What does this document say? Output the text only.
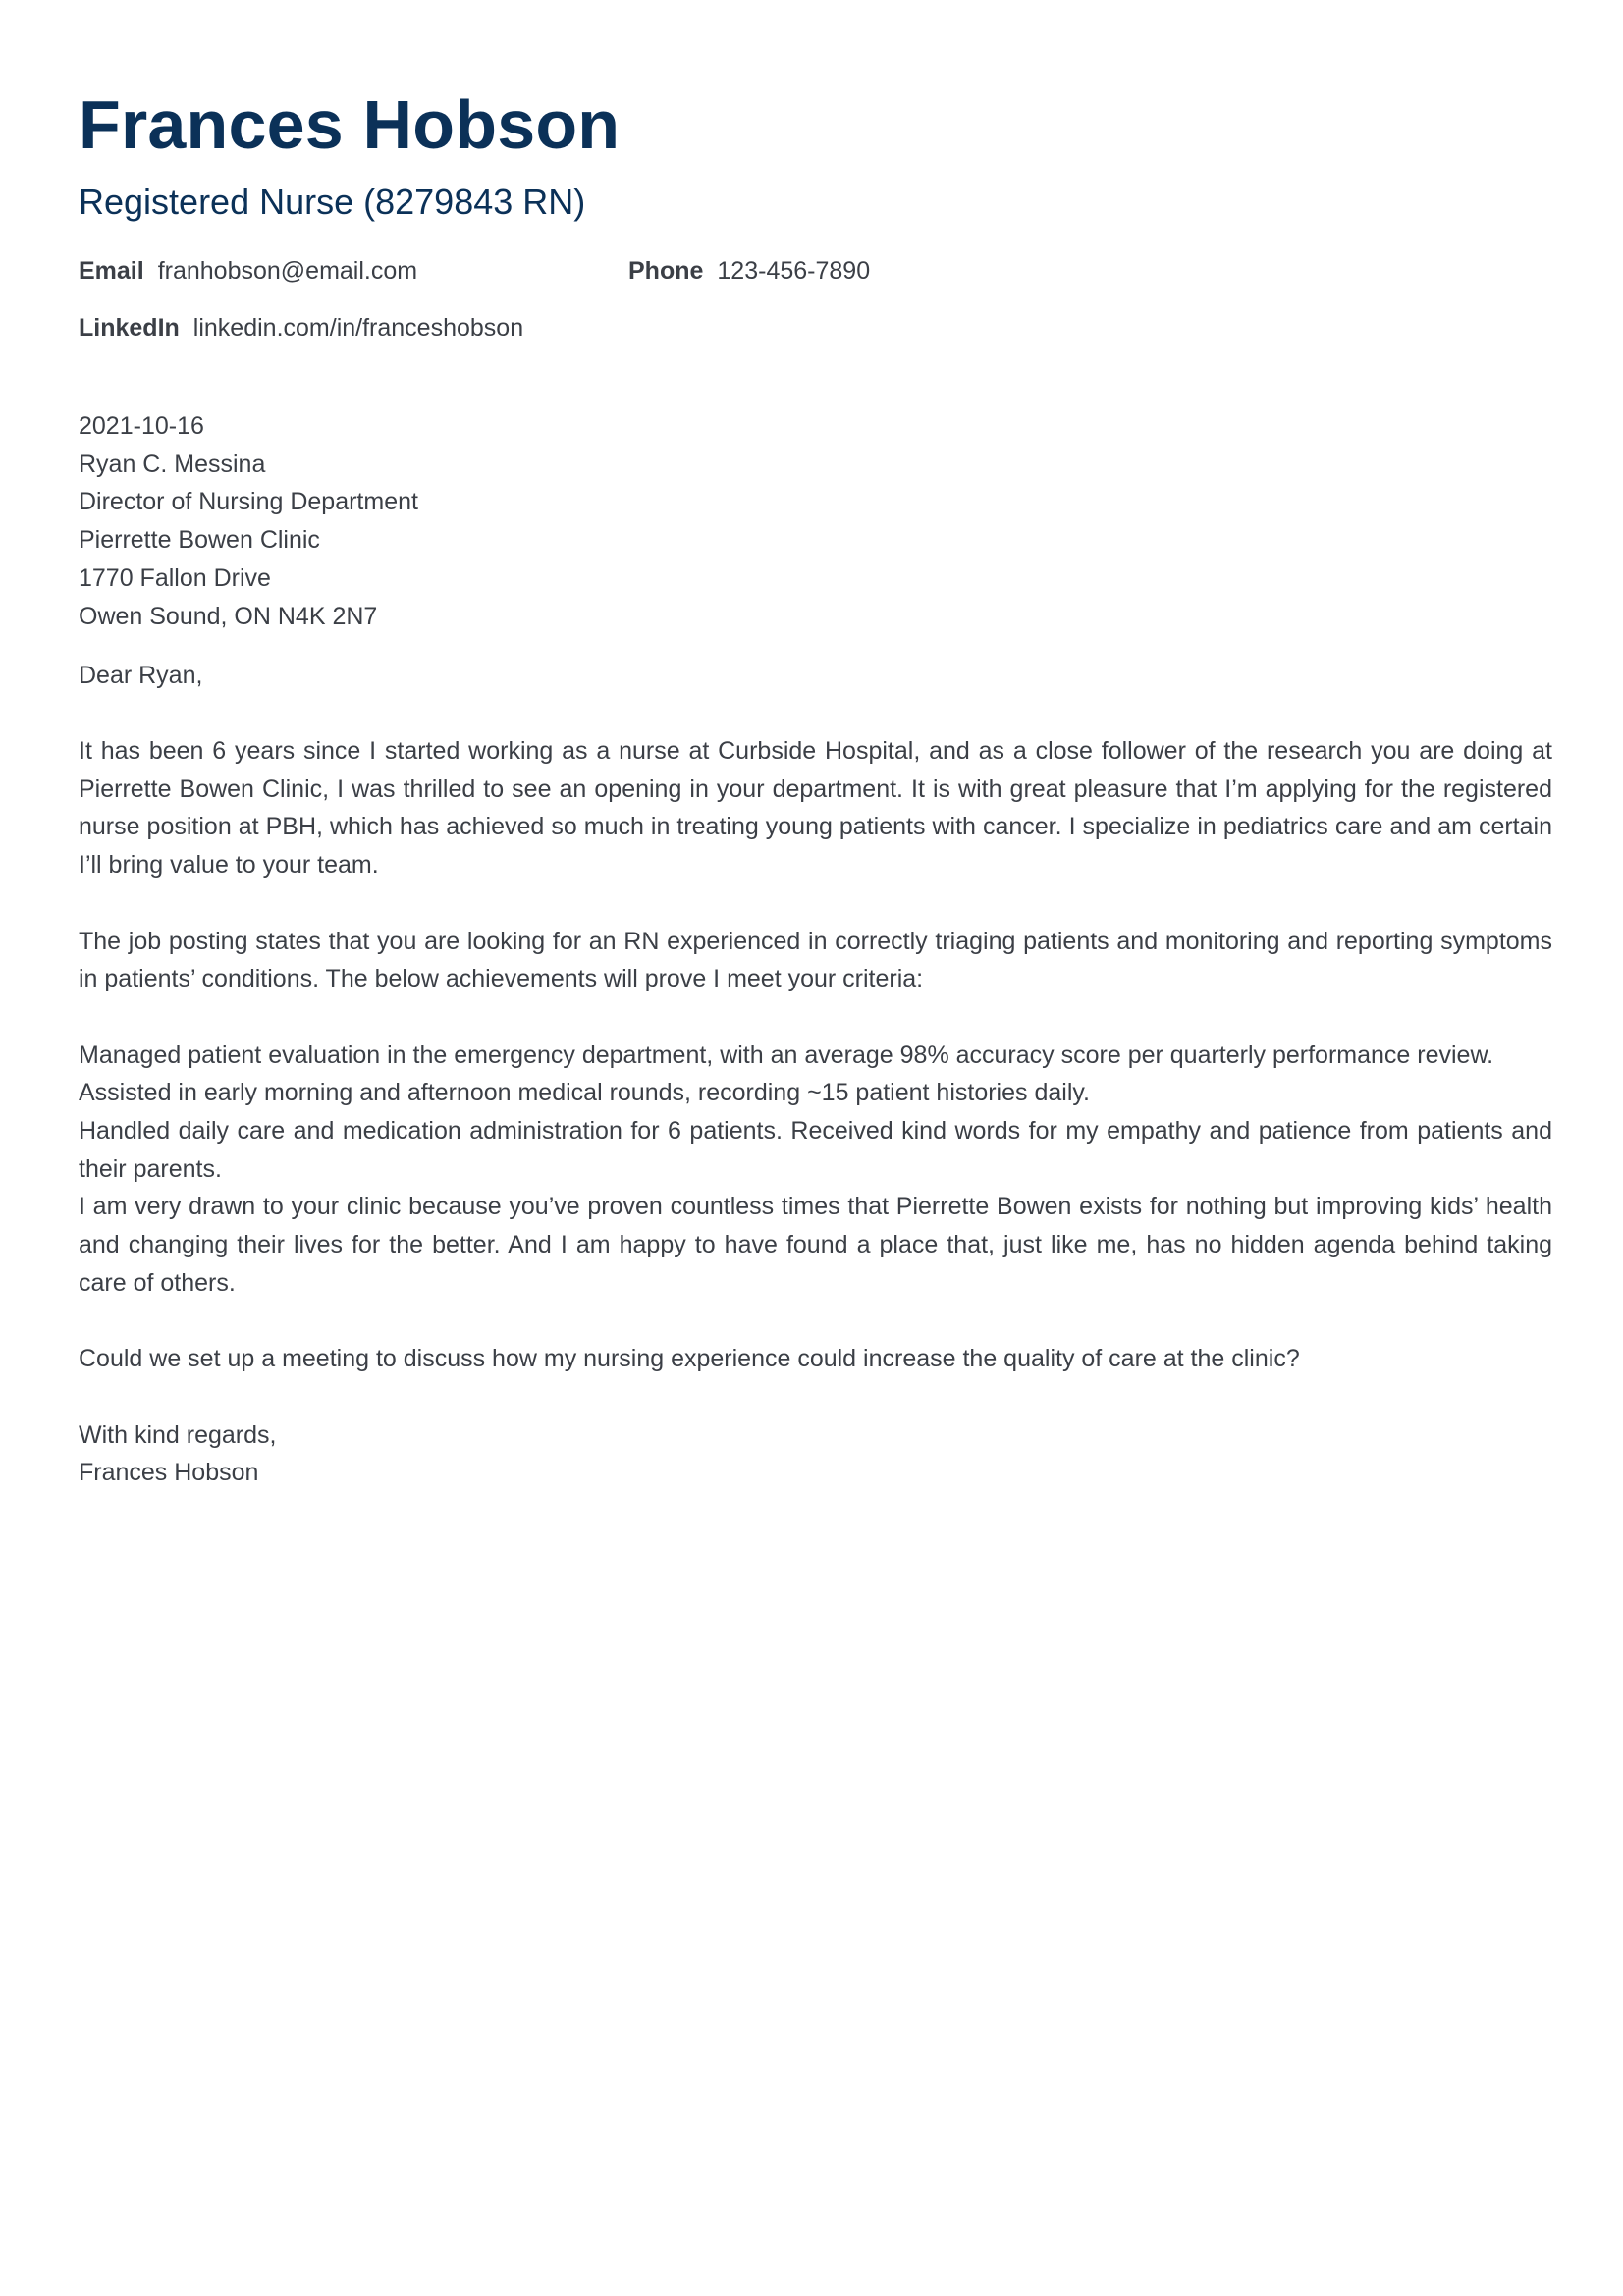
Frances Hobson
Registered Nurse (8279843 RN)
Email franhobson@email.com	Phone 123-456-7890
LinkedIn linkedin.com/in/franceshobson
2021-10-16
Ryan C. Messina
Director of Nursing Department
Pierrette Bowen Clinic
1770 Fallon Drive
Owen Sound, ON N4K 2N7
Dear Ryan,

It has been 6 years since I started working as a nurse at Curbside Hospital, and as a close follower of the research you are doing at Pierrette Bowen Clinic, I was thrilled to see an opening in your department. It is with great pleasure that I’m applying for the registered nurse position at PBH, which has achieved so much in treating young patients with cancer. I specialize in pediatrics care and am certain I’ll bring value to your team.

The job posting states that you are looking for an RN experienced in correctly triaging patients and monitoring and reporting symptoms in patients’ conditions. The below achievements will prove I meet your criteria:

Managed patient evaluation in the emergency department, with an average 98% accuracy score per quarterly performance review.

Assisted in early morning and afternoon medical rounds, recording ~15 patient histories daily.

Handled daily care and medication administration for 6 patients. Received kind words for my empathy and patience from patients and their parents.

I am very drawn to your clinic because you’ve proven countless times that Pierrette Bowen exists for nothing but improving kids’ health and changing their lives for the better. And I am happy to have found a place that, just like me, has no hidden agenda behind taking care of others.

Could we set up a meeting to discuss how my nursing experience could increase the quality of care at the clinic?

With kind regards,
Frances Hobson
